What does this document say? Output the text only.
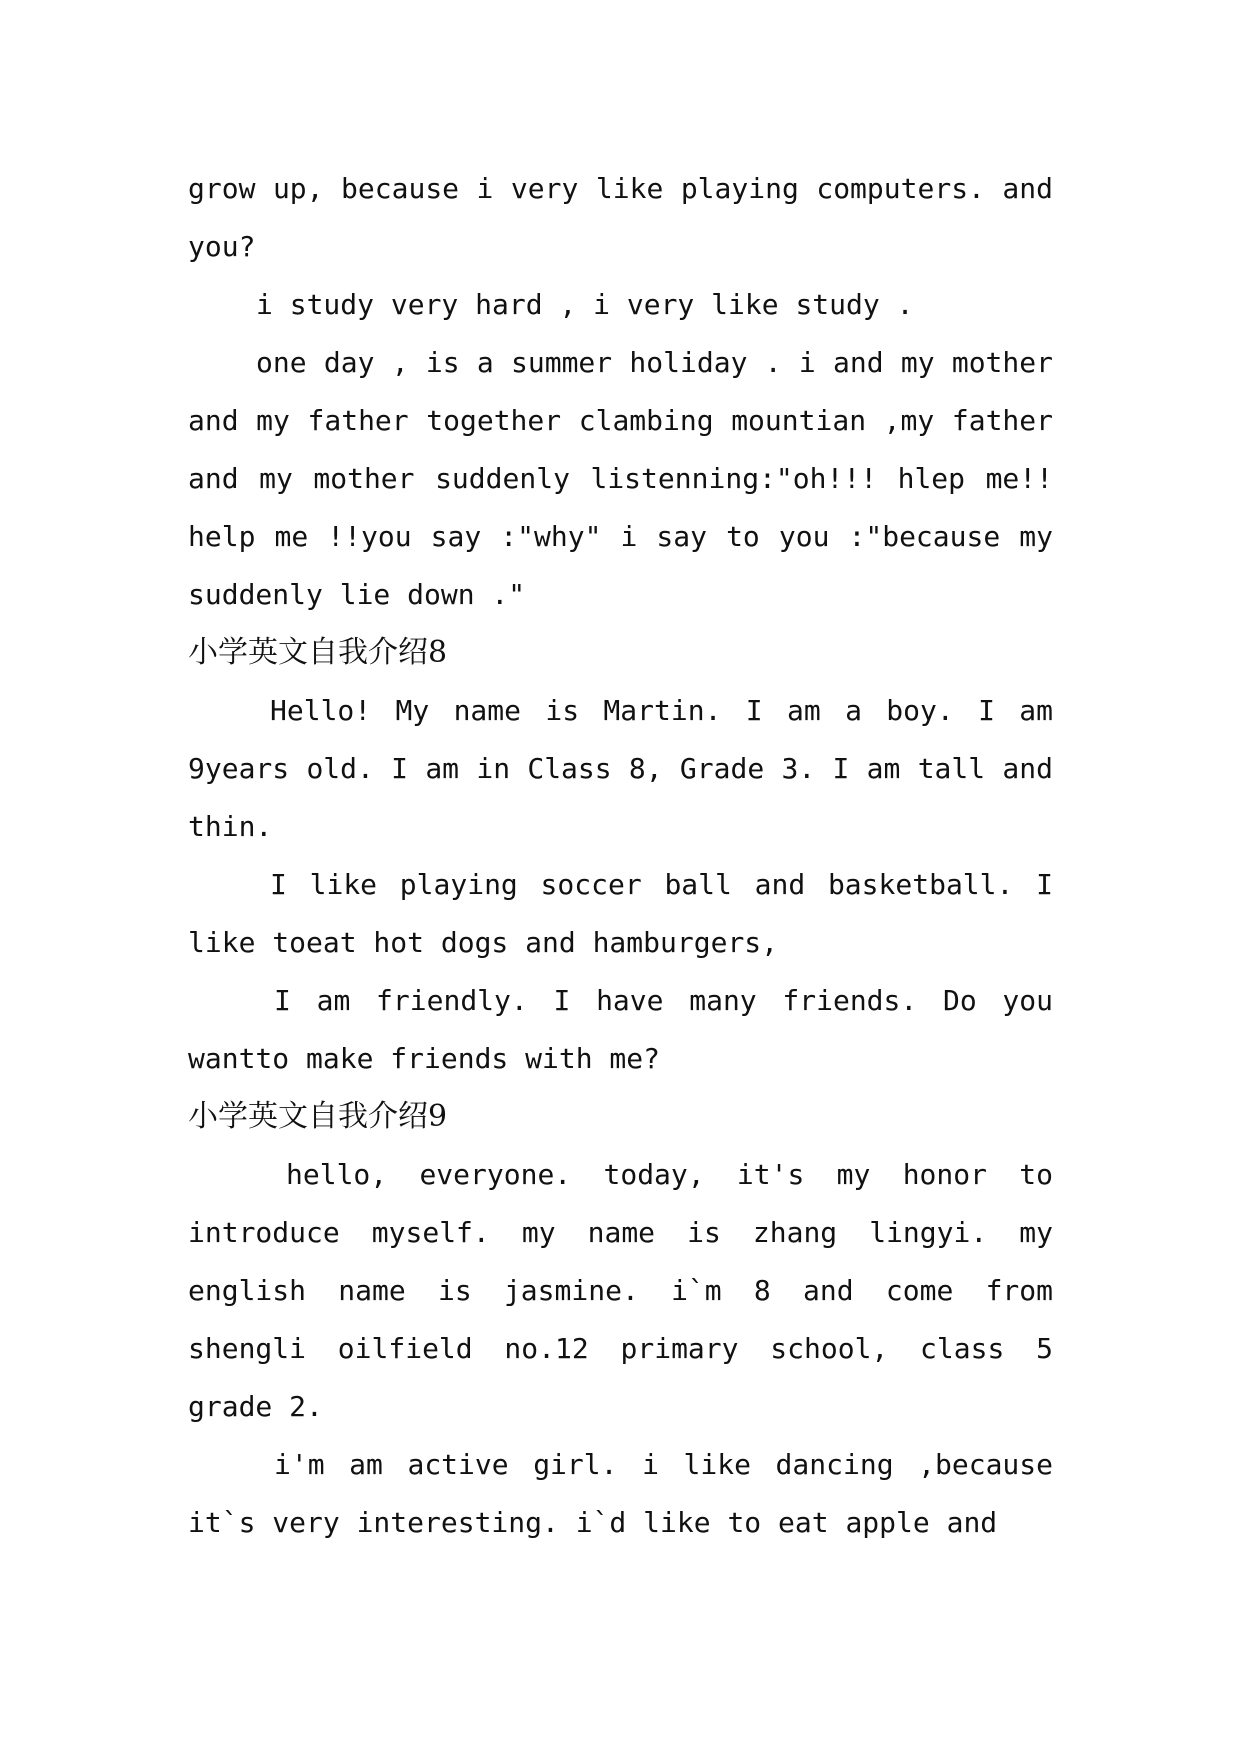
grow up, because i very like playing computers. and you?

i study very hard , i very like study .

one day , is a summer holiday . i and my mother and my father together clambing mountian ,my father and my mother suddenly listenning:"oh!!! hlep me!! help me !!you say :"why" i say to you :"because my suddenly lie down ."

小学英文自我介绍8

Hello! My name is Martin. I am a boy. I am 9years old. I am in Class 8, Grade 3. I am tall and thin.

I like playing soccer ball and basketball. I like toeat hot dogs and hamburgers,

I am friendly. I have many friends. Do you wantto make friends with me?

小学英文自我介绍9

hello, everyone. today, it's my honor to introduce myself. my name is zhang lingyi. my english name is jasmine. i`m 8 and come from shengli oilfield no.12 primary school, class 5 grade 2.

i'm am active girl. i like dancing ,because it`s very interesting. i`d like to eat apple and
